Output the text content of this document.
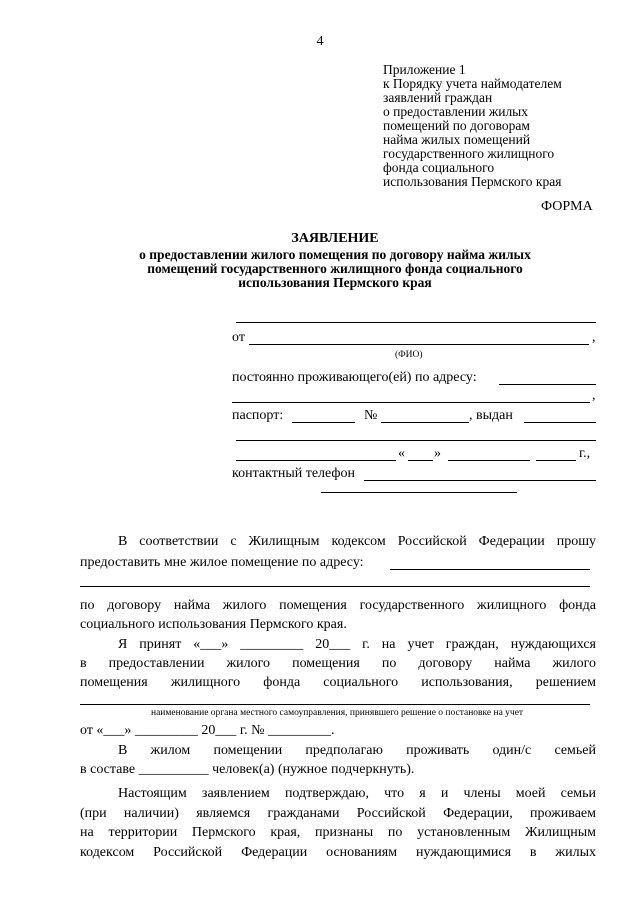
4
Приложение 1
к Порядку учета наймодателем
заявлений граждан
о предоставлении жилых
помещений по договорам
найма жилых помещений
государственного жилищного
фонда социального
использования Пермского края
ФОРМА
ЗАЯВЛЕНИЕ
о предоставлении жилого помещения по договору найма жилых
помещений государственного жилищного фонда социального
использования Пермского края
от	,
(ФИО)
постоянно проживающего(ей) по адресу:
,
паспорт:	№	, выдан
« »	г.,
контактный телефон
В соответствии с Жилищным кодексом Российской Федерации прошу
предоставить мне жилое помещение по адресу:
по договору найма жилого помещения государственного жилищного фонда
социального использования Пермского края.
Я принят «___» _________ 20___ г. на учет граждан, нуждающихся
в предоставлении жилого помещения по договору найма жилого
помещения жилищного фонда социального использования, решением
наименование органа местного самоуправления, принявшего решение о постановке на учет
от «___» _________ 20___ г. № _________.
В жилом помещении предполагаю проживать один/с семьей
в составе __________ человек(а) (нужное подчеркнуть).
Настоящим заявлением подтверждаю, что я и члены моей семьи
(при наличии) являемся гражданами Российской Федерации, проживаем
на территории Пермского края, признаны по установленным Жилищным
кодексом Российской Федерации основаниям нуждающимися в жилых
